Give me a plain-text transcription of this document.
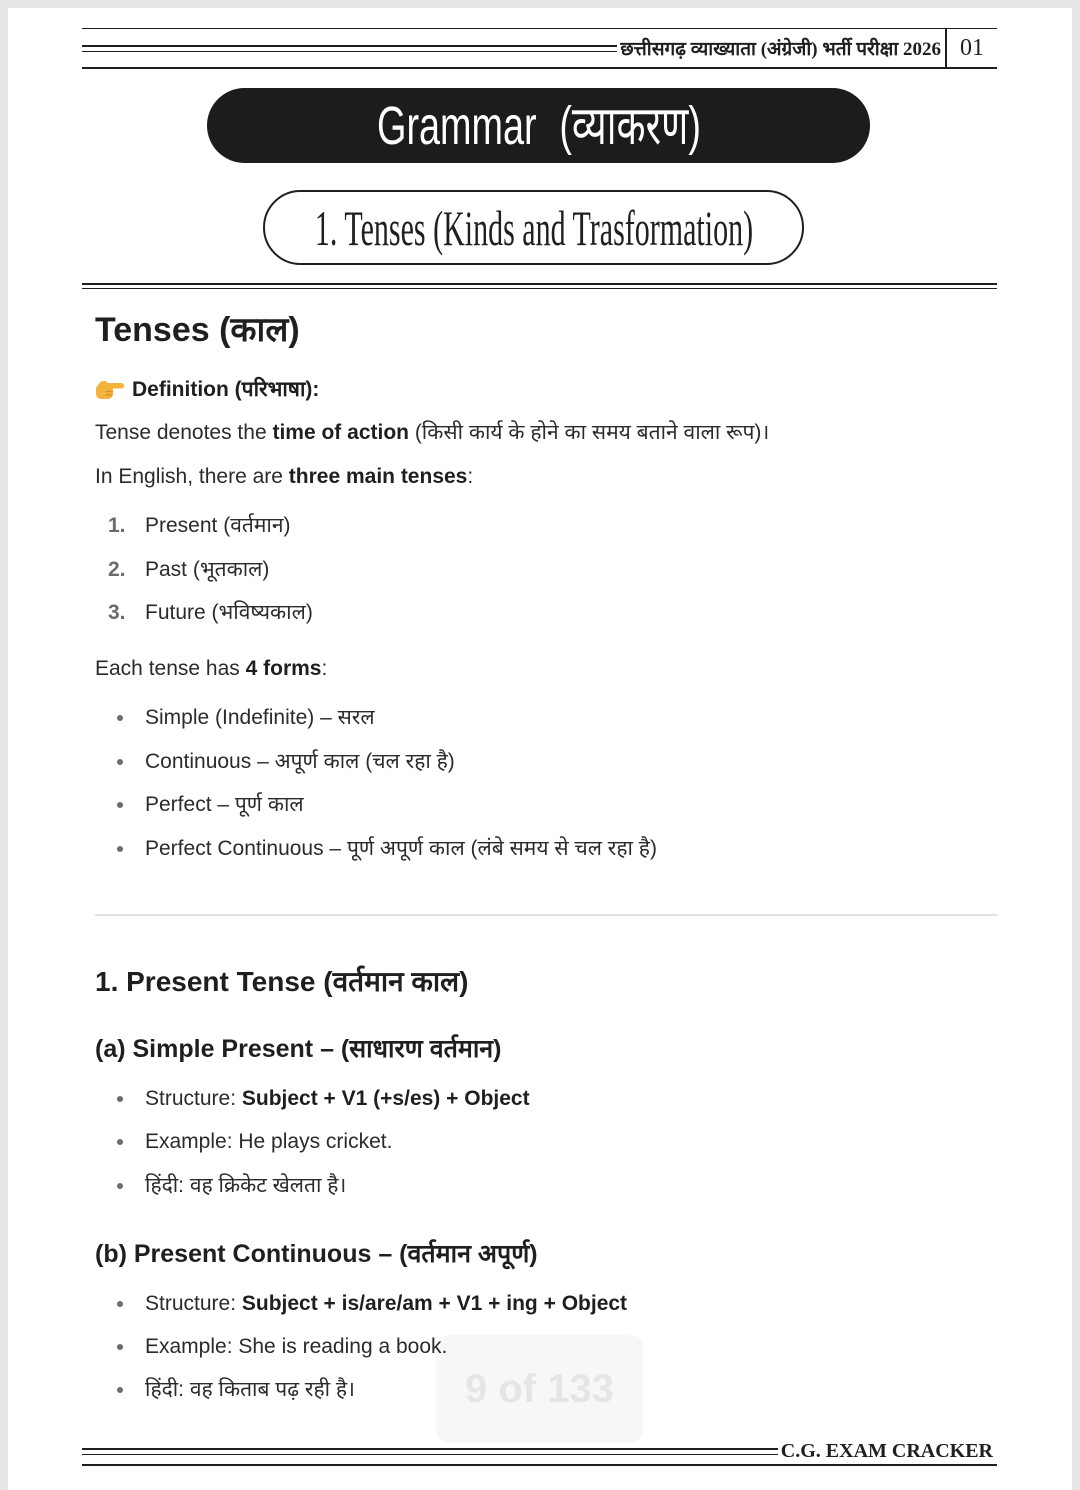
छत्तीसगढ़ व्याख्याता (अंग्रेजी) भर्ती परीक्षा 2026 01
Grammar (व्याकरण)
1. Tenses (Kinds and Trasformation)
Tenses (काल)
Definition (परिभाषा):
Tense denotes the time of action (किसी कार्य के होने का समय बताने वाला रूप)।
In English, there are three main tenses:
1. Present (वर्तमान)
2. Past (भूतकाल)
3. Future (भविष्यकाल)
Each tense has 4 forms:
Simple (Indefinite) – सरल
Continuous – अपूर्ण काल (चल रहा है)
Perfect – पूर्ण काल
Perfect Continuous – पूर्ण अपूर्ण काल (लंबे समय से चल रहा है)
1. Present Tense (वर्तमान काल)
(a) Simple Present – (साधारण वर्तमान)
Structure: Subject + V1 (+s/es) + Object
Example: He plays cricket.
हिंदी: वह क्रिकेट खेलता है।
(b) Present Continuous – (वर्तमान अपूर्ण)
Structure: Subject + is/are/am + V1 + ing + Object
Example: She is reading a book.
हिंदी: वह किताब पढ़ रही है।	9 of 133
C.G. EXAM CRACKER
